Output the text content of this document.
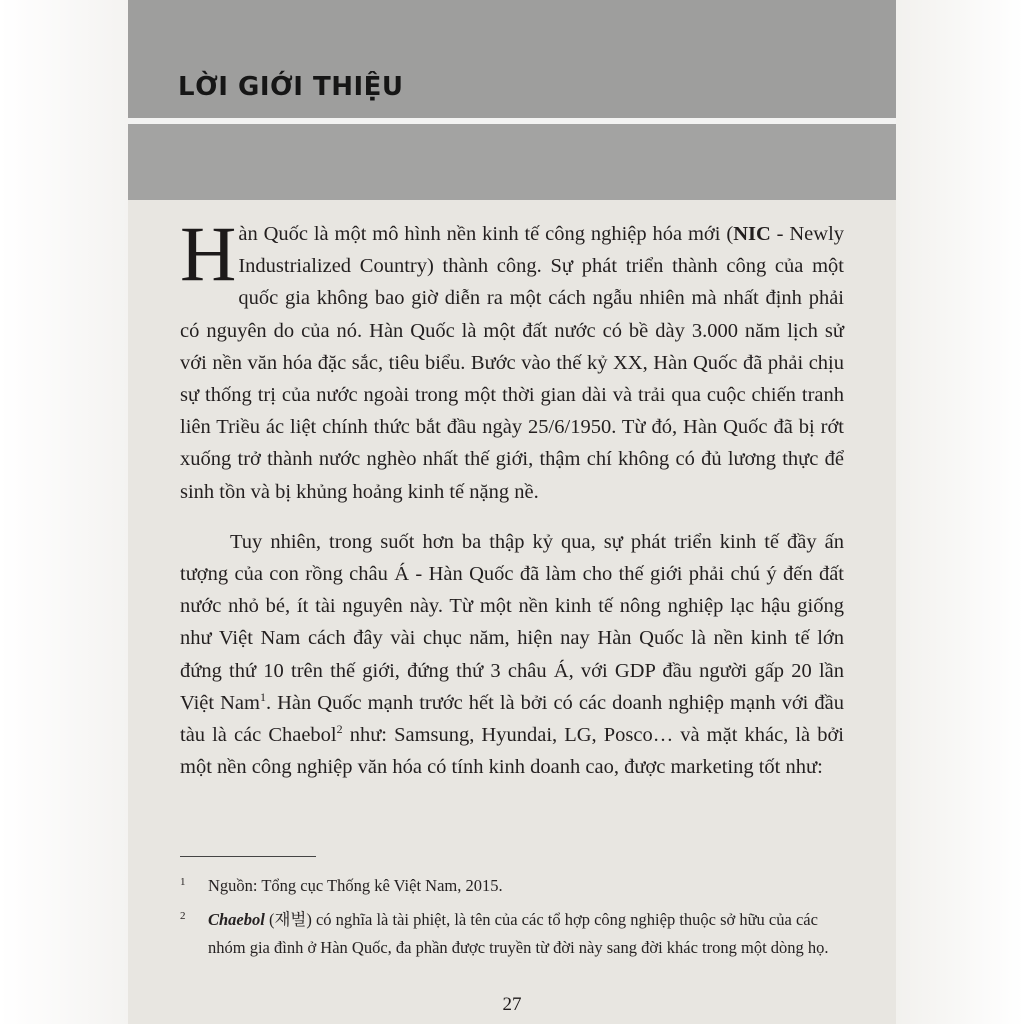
LỜI GIỚI THIỆU

Hàn Quốc là một mô hình nền kinh tế công nghiệp hóa mới (NIC - Newly Industrialized Country) thành công. Sự phát triển thành công của một quốc gia không bao giờ diễn ra một cách ngẫu nhiên mà nhất định phải có nguyên do của nó. Hàn Quốc là một đất nước có bề dày 3.000 năm lịch sử với nền văn hóa đặc sắc, tiêu biểu. Bước vào thế kỷ XX, Hàn Quốc đã phải chịu sự thống trị của nước ngoài trong một thời gian dài và trải qua cuộc chiến tranh liên Triều ác liệt chính thức bắt đầu ngày 25/6/1950. Từ đó, Hàn Quốc đã bị rớt xuống trở thành nước nghèo nhất thế giới, thậm chí không có đủ lương thực để sinh tồn và bị khủng hoảng kinh tế nặng nề.

Tuy nhiên, trong suốt hơn ba thập kỷ qua, sự phát triển kinh tế đầy ấn tượng của con rồng châu Á - Hàn Quốc đã làm cho thế giới phải chú ý đến đất nước nhỏ bé, ít tài nguyên này. Từ một nền kinh tế nông nghiệp lạc hậu giống như Việt Nam cách đây vài chục năm, hiện nay Hàn Quốc là nền kinh tế lớn đứng thứ 10 trên thế giới, đứng thứ 3 châu Á, với GDP đầu người gấp 20 lần Việt Nam$^1$. Hàn Quốc mạnh trước hết là bởi có các doanh nghiệp mạnh với đầu tàu là các Chaebol$^2$ như: Samsung, Hyundai, LG, Posco… và mặt khác, là bởi một nền công nghiệp văn hóa có tính kinh doanh cao, được marketing tốt như:

1 Nguồn: Tổng cục Thống kê Việt Nam, 2015.
2 Chaebol (재벌) có nghĩa là tài phiệt, là tên của các tổ hợp công nghiệp thuộc sở hữu của các nhóm gia đình ở Hàn Quốc, đa phần được truyền từ đời này sang đời khác trong một dòng họ.
27
